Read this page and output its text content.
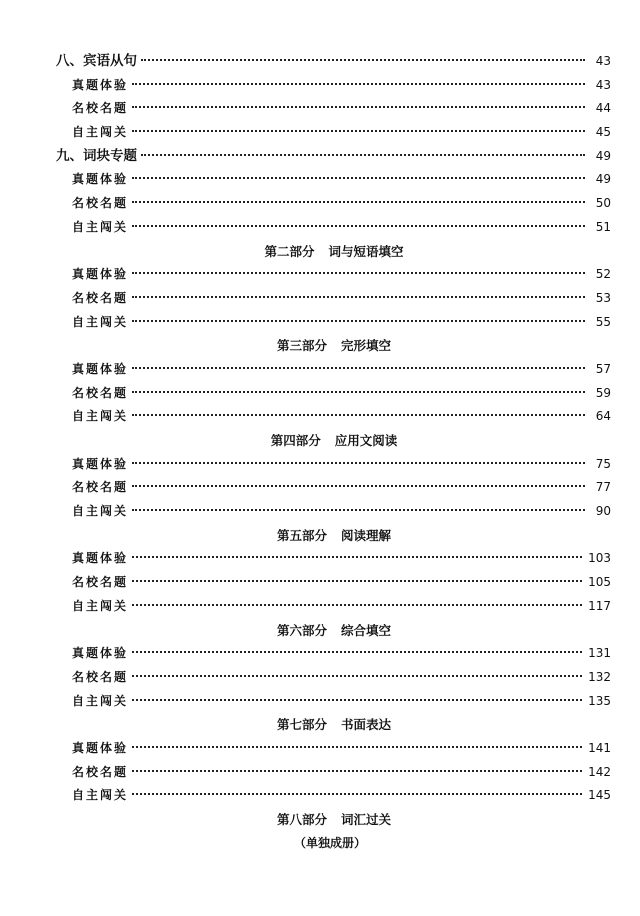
八、宾语从句	43
真题体验	43
名校名题	44
自主闯关	45
九、词块专题	49
真题体验	49
名校名题	50
自主闯关	51
第二部分 词与短语填空
真题体验	52
名校名题	53
自主闯关	55
第三部分 完形填空
真题体验	57
名校名题	59
自主闯关	64
第四部分 应用文阅读
真题体验	75
名校名题	77
自主闯关	90
第五部分 阅读理解
真题体验	103
名校名题	105
自主闯关	117
第六部分 综合填空
真题体验	131
名校名题	132
自主闯关	135
第七部分 书面表达
真题体验	141
名校名题	142
自主闯关	145
第八部分 词汇过关
（单独成册）
